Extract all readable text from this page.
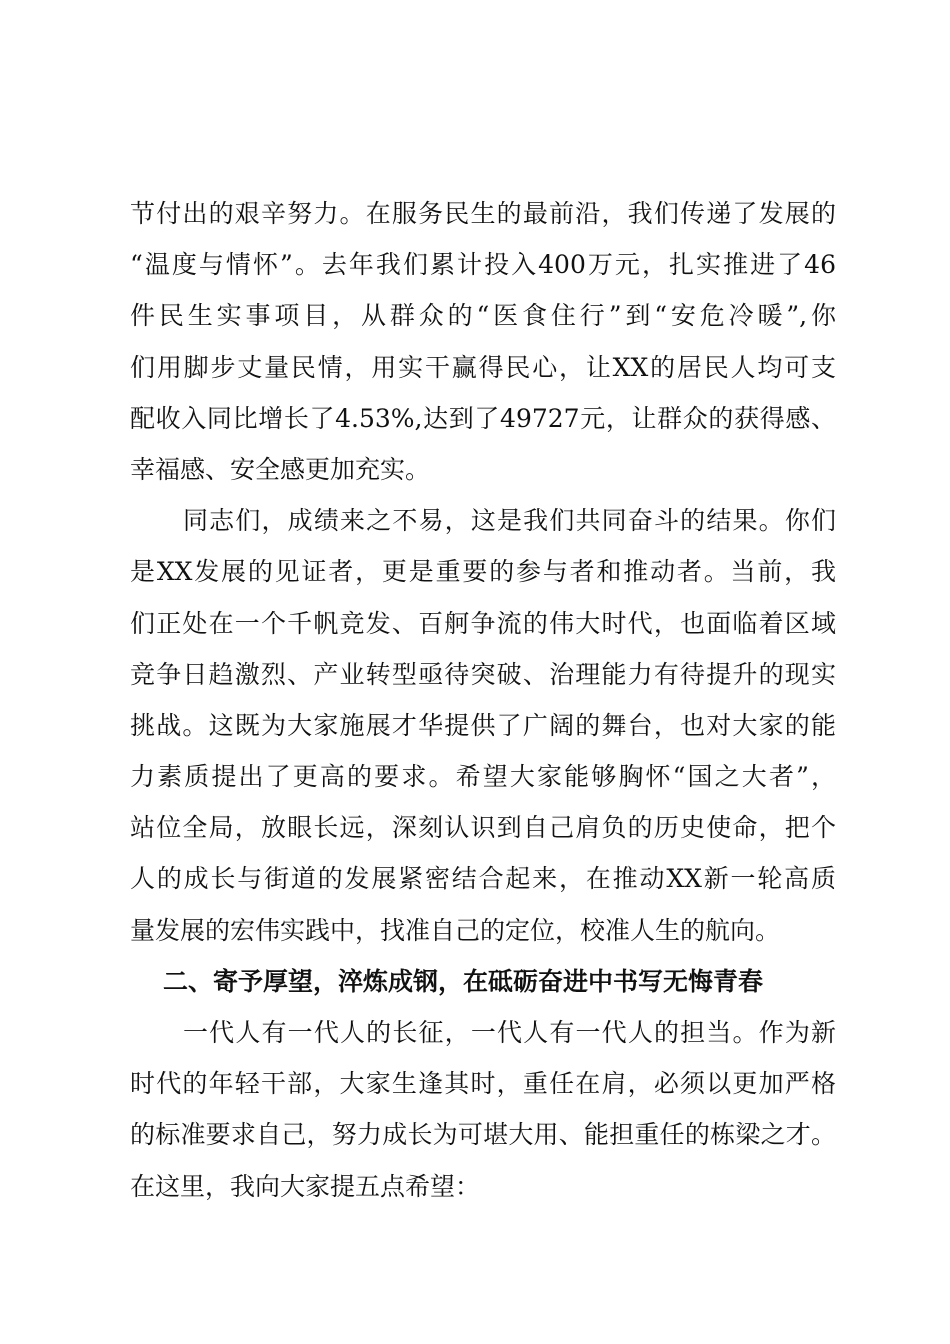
节付出的艰辛努力。在服务民生的最前沿，我们传递了发展的
“温度与情怀”。去年我们累计投入400万元，扎实推进了46
件民生实事项目，从群众的“医食住行”到“安危冷暖”,你
们用脚步丈量民情，用实干赢得民心，让XX的居民人均可支
配收入同比增长了4.53%,达到了49727元，让群众的获得感、
幸福感、安全感更加充实。
同志们，成绩来之不易，这是我们共同奋斗的结果。你们
是XX发展的见证者，更是重要的参与者和推动者。当前，我
们正处在一个千帆竞发、百舸争流的伟大时代，也面临着区域
竞争日趋激烈、产业转型亟待突破、治理能力有待提升的现实
挑战。这既为大家施展才华提供了广阔的舞台，也对大家的能
力素质提出了更高的要求。希望大家能够胸怀“国之大者”，
站位全局，放眼长远，深刻认识到自己肩负的历史使命，把个
人的成长与街道的发展紧密结合起来，在推动XX新一轮高质
量发展的宏伟实践中，找准自己的定位，校准人生的航向。
二、寄予厚望，淬炼成钢，在砥砺奋进中书写无悔青春
一代人有一代人的长征，一代人有一代人的担当。作为新
时代的年轻干部，大家生逢其时，重任在肩，必须以更加严格
的标准要求自己，努力成长为可堪大用、能担重任的栋梁之才。
在这里，我向大家提五点希望：
